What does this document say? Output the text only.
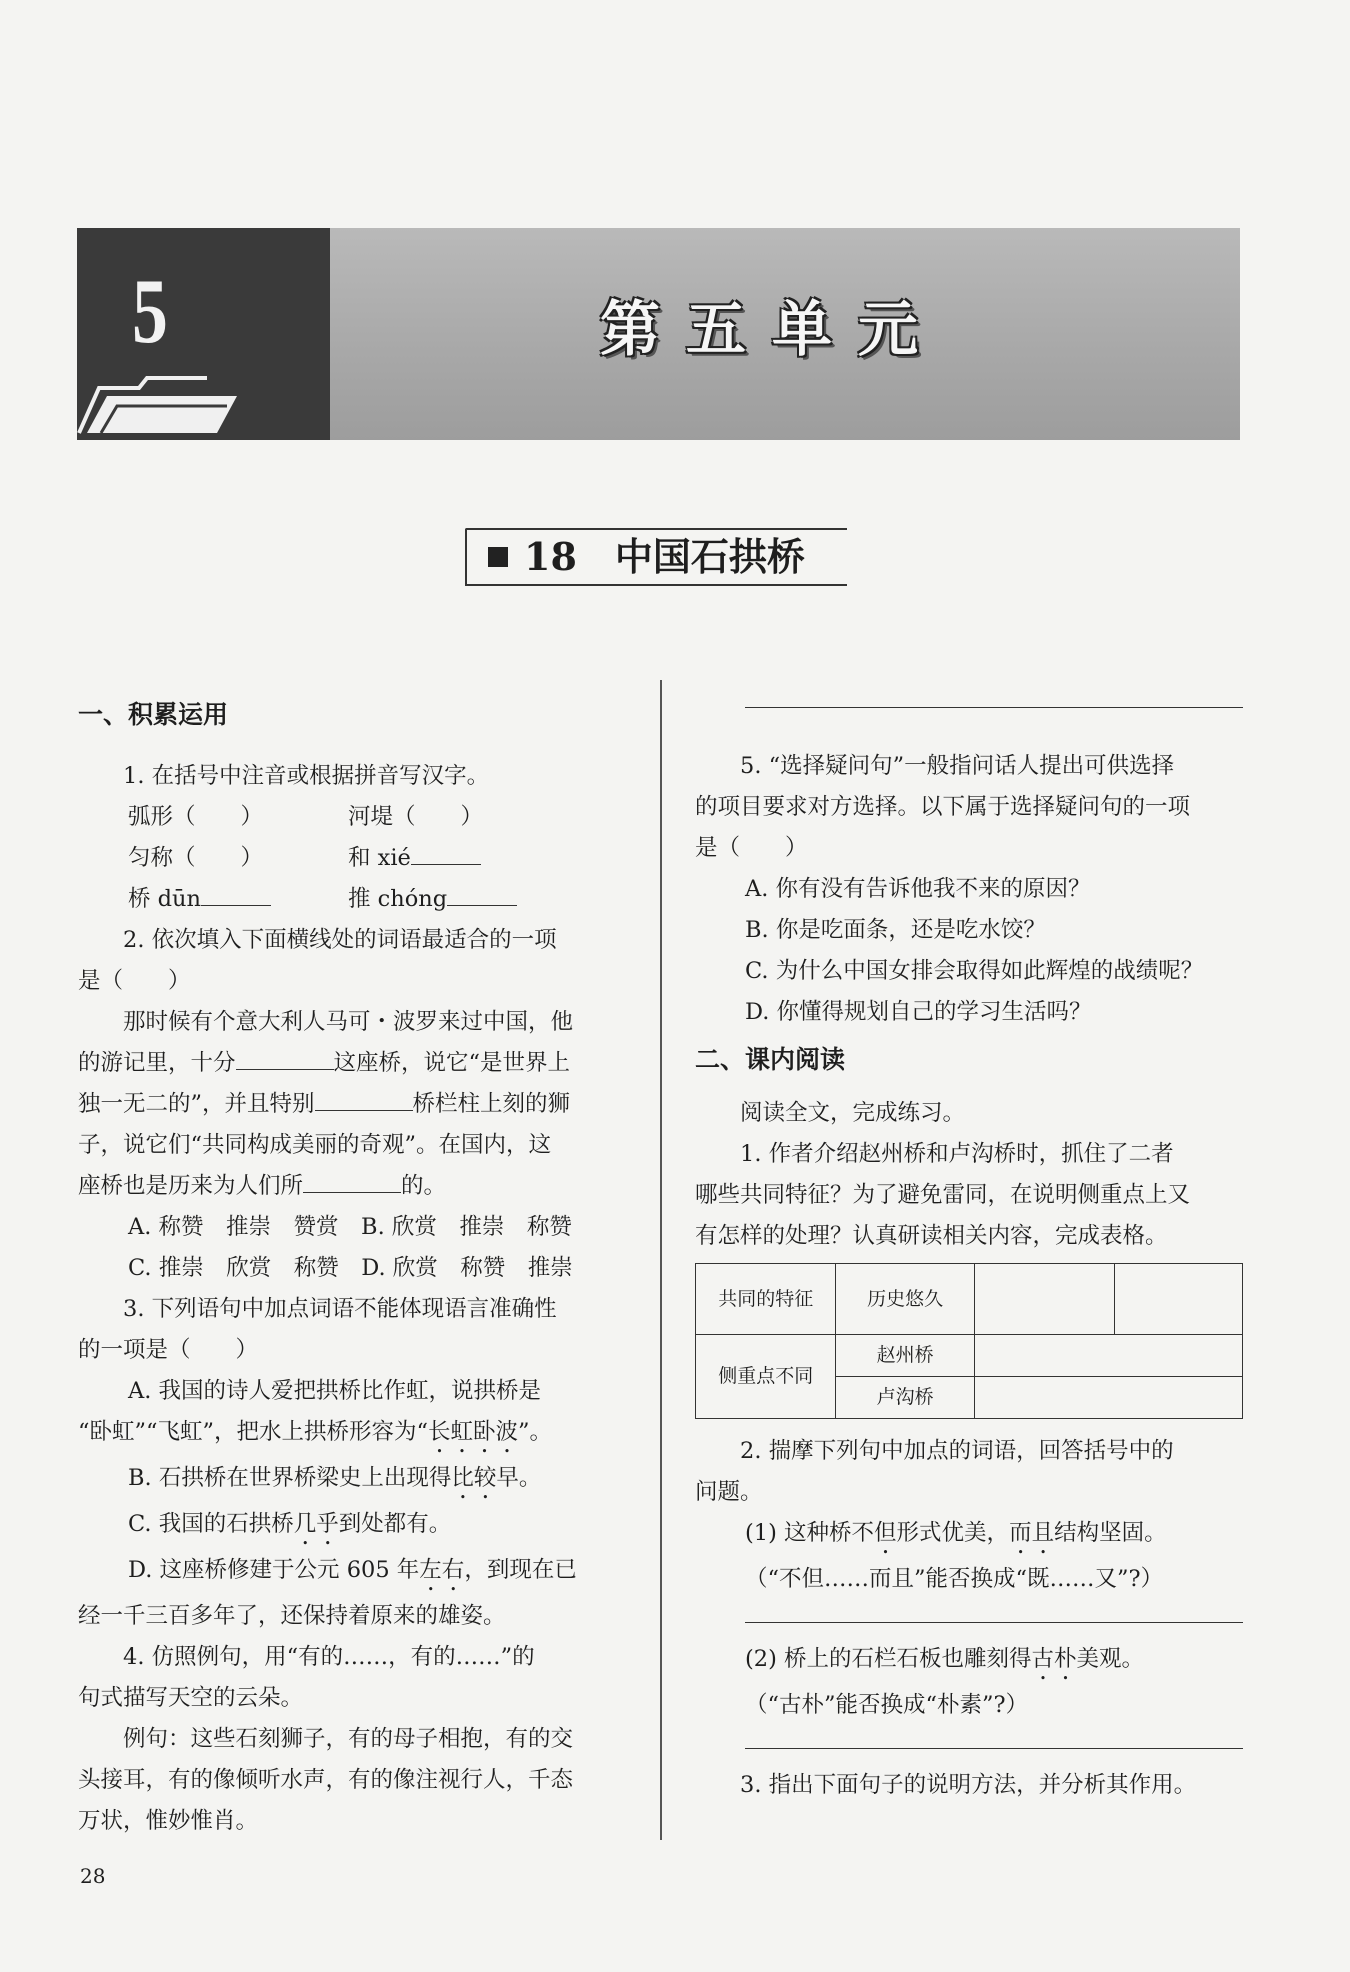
5	第五单元
18 中国石拱桥

一、积累运用

1. 在括号中注音或根据拼音写汉字。

弧形（　　）	河堤（　　）
匀称（　　）	和 xié
桥 dūn	推 chóng

2. 依次填入下面横线处的词语最适合的一项

是（　　）

那时候有个意大利人马可・波罗来过中国，他

的游记里，十分	这座桥，说它“是世界上

独一无二的”，并且特别	桥栏柱上刻的狮

子，说它们“共同构成美丽的奇观”。在国内，这

座桥也是历来为人们所	的。

A. 称赞　推崇　赞赏　B. 欣赏　推崇　称赞

C. 推崇　欣赏　称赞　D. 欣赏　称赞　推崇

3. 下列语句中加点词语不能体现语言准确性

的一项是（　　）

A. 我国的诗人爱把拱桥比作虹，说拱桥是

“卧虹”“飞虹”，把水上拱桥形容为“长虹卧波”。

B. 石拱桥在世界桥梁史上出现得比较早。

C. 我国的石拱桥几乎到处都有。

D. 这座桥修建于公元 605 年左右，到现在已

经一千三百多年了，还保持着原来的雄姿。

4. 仿照例句，用“有的……，有的……”的

句式描写天空的云朵。

例句：这些石刻狮子，有的母子相抱，有的交

头接耳，有的像倾听水声，有的像注视行人，千态

万状，惟妙惟肖。

5. “选择疑问句”一般指问话人提出可供选择

的项目要求对方选择。以下属于选择疑问句的一项

是（　　）

A. 你有没有告诉他我不来的原因？

B. 你是吃面条，还是吃水饺？

C. 为什么中国女排会取得如此辉煌的战绩呢？

D. 你懂得规划自己的学习生活吗？

二、课内阅读

阅读全文，完成练习。

1. 作者介绍赵州桥和卢沟桥时，抓住了二者

哪些共同特征？为了避免雷同，在说明侧重点上又

有怎样的处理？认真研读相关内容，完成表格。

共同的特征	历史悠久		
侧重点不同	赵州桥		
	卢沟桥		

2. 揣摩下列句中加点的词语，回答括号中的

问题。

(1) 这种桥不但形式优美，而且结构坚固。

（“不但……而且”能否换成“既……又”?）

(2) 桥上的石栏石板也雕刻得古朴美观。

（“古朴”能否换成“朴素”?）

3. 指出下面句子的说明方法，并分析其作用。

28
